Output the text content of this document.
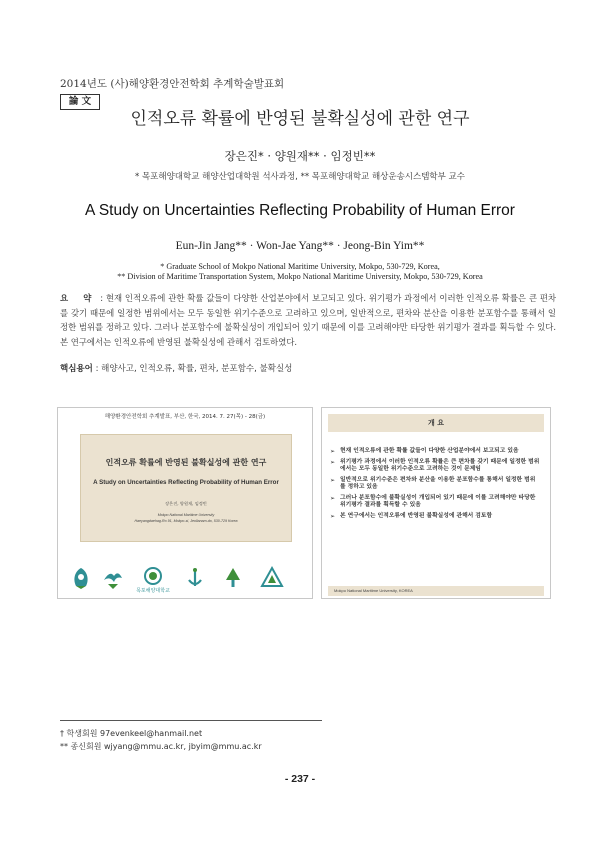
2014년도 (사)해양환경안전학회 추계학술발표회
論 文
인적오류 확률에 반영된 불확실성에 관한 연구
장은진* · 양원재** · 임정빈**
* 목포해양대학교 해양산업대학원 석사과정, ** 목포해양대학교 해상운송시스템학부 교수
A Study on Uncertainties Reflecting Probability of Human Error
Eun-Jin Jang** · Won-Jae Yang** · Jeong-Bin Yim**
* Graduate School of Mokpo National Maritime University, Mokpo, 530-729, Korea,
** Division of Maritime Transportation System, Mokpo National Maritime University, Mokpo, 530-729, Korea
요 약 : 현재 인적오류에 관한 확률 값들이 다양한 산업분야에서 보고되고 있다. 위기평가 과정에서 이러한 인적오류 확률은 큰 편차를 갖기 때문에 일정한 범위에서는 모두 동일한 위기수준으로 고려하고 있으며, 일반적으로, 편차와 분산을 이용한 분포함수를 통해서 일정한 범위를 정하고 있다. 그러나 분포함수에 불확실성이 개입되어 있기 때문에 이를 고려해야만 타당한 위기평가 결과를 획득할 수 있다. 본 연구에서는 인적오류에 반영된 불확실성에 관해서 검토하였다.
핵심용어 : 해양사고, 인적오류, 확률, 편차, 분포함수, 불확실성
해양환경안전학회 추계발표, 부산, 한국, 2014. 7. 27(목) - 28(금)
인적오류 확률에 반영된 불확실성에 관한 연구
A Study on Uncertainties Reflecting Probability of Human Error
장은진, 양원재, 임정빈
Mokpo National Maritime University
Haeyangdaehag-Ro 91, Mokpo-si, Jeollanam-do, 530-729 Korea
목포해양대학교
개 요
➢ 현재 인적오류에 관한 확률 값들이 다양한 산업분야에서 보고되고 있음
➢ 위기평가 과정에서 이러한 인적오류 확률은 큰 편차를 갖기 때문에 일정한 범위에서는 모두 동일한 위기수준으로 고려하는 것이 문제임
➢ 일반적으로 위기수준은 편차와 분산을 이용한 분포함수를 통해서 일정한 범위를 정하고 있음
➢ 그러나 분포함수에 불확실성이 개입되어 있기 때문에 이를 고려해야만 타당한 위기평가 결과를 획득할 수 있음
➢ 본 연구에서는 인적오류에 반영된 불확실성에 관해서 검토함
Mokpo National Maritime University, KOREA
† 학생회원 97evenkeel@hanmail.net
** 종신회원 wjyang@mmu.ac.kr, jbyim@mmu.ac.kr
- 237 -
